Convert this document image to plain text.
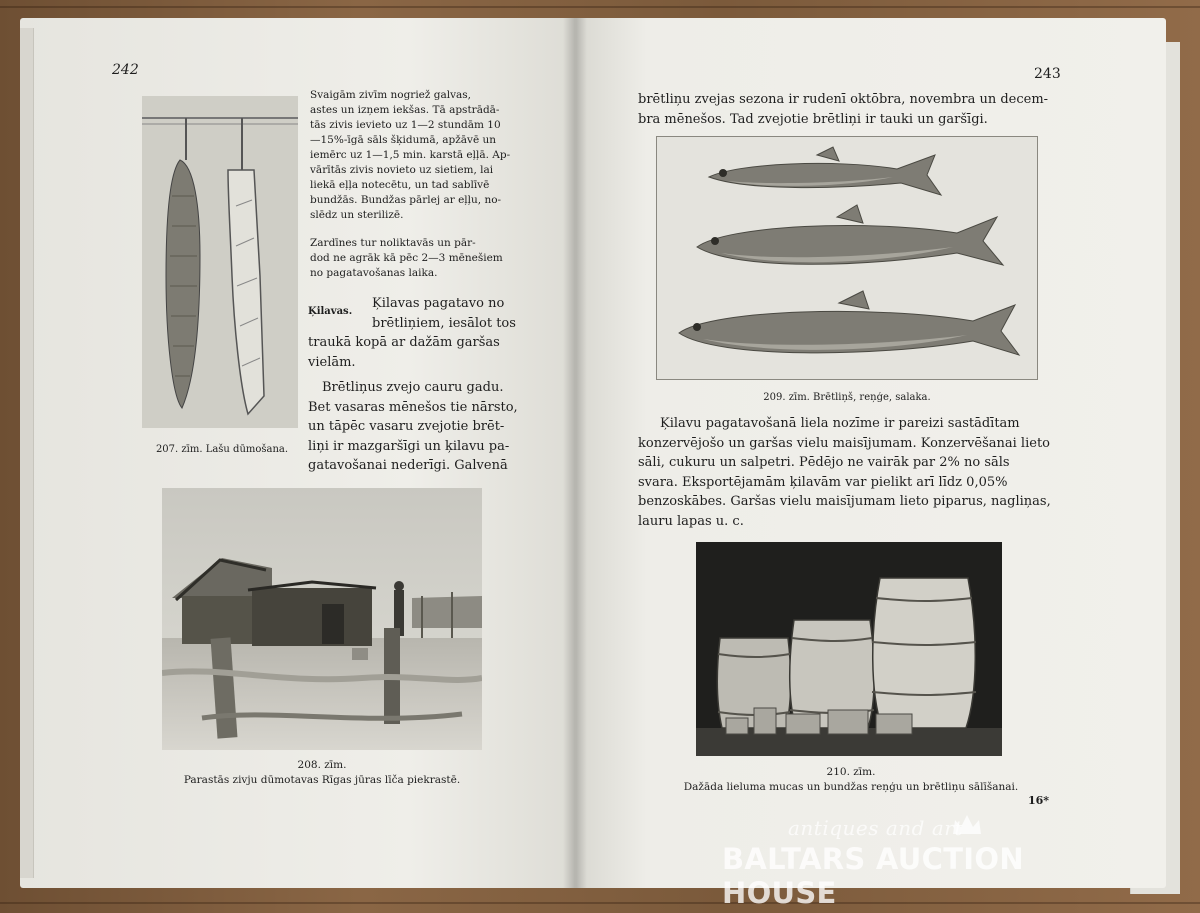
242
207. zīm. Lašu dūmošana.
Svaigām zivīm nogriež galvas,
astes un izņem iekšas. Tā apstrādā-
tās zivis ievieto uz 1—2 stundām 10
—15%-īgā sāls šķidumā, apžāvē un
iemērc uz 1—1,5 min. karstā eļļā. Ap-
vārītās zivis novieto uz sietiem, lai
liekā eļļa notecētu, un tad sablīvē
bundžās. Bundžas pārlej ar eļļu, no-
slēdz un sterilizē.
Zardīnes tur noliktavās un pār-
dod ne agrāk kā pēc 2—3 mēnešiem
no pagatavošanas laika.
Ķilavas.
Ķilavas pagatavo no
brētliņiem, iesālot tos
traukā kopā ar dažām garšas
vielām.
Brētliņus zvejo cauru gadu.
Bet vasaras mēnešos tie nārsto,
un tāpēc vasaru zvejotie brēt-
liņi ir mazgaršīgi un ķilavu pa-
gatavošanai nederīgi. Galvenā
208. zīm.
Parastās zivju dūmotavas Rīgas jūras līča piekrastē.
243
brētliņu zvejas sezona ir rudenī oktōbra, novembra un decem-
bra mēnešos. Tad zvejotie brētliņi ir tauki un garšīgi.
209. zīm. Brētliņš, reņģe, salaka.
Ķilavu pagatavošanā liela nozīme ir pareizi sastādītam
konzervējošo un garšas vielu maisījumam. Konzervēšanai lieto
sāli, cukuru un salpetri. Pēdējo ne vairāk par 2% no sāls
svara. Eksportējamām ķilavām var pielikt arī līdz 0,05%
benzoskābes. Garšas vielu maisījumam lieto piparus, nagliņas,
lauru lapas u. c.
210. zīm.
Dažāda lieluma mucas un bundžas reņģu un brētliņu sālīšanai.
16*
antiques and art
BALTARS AUCTION HOUSE
